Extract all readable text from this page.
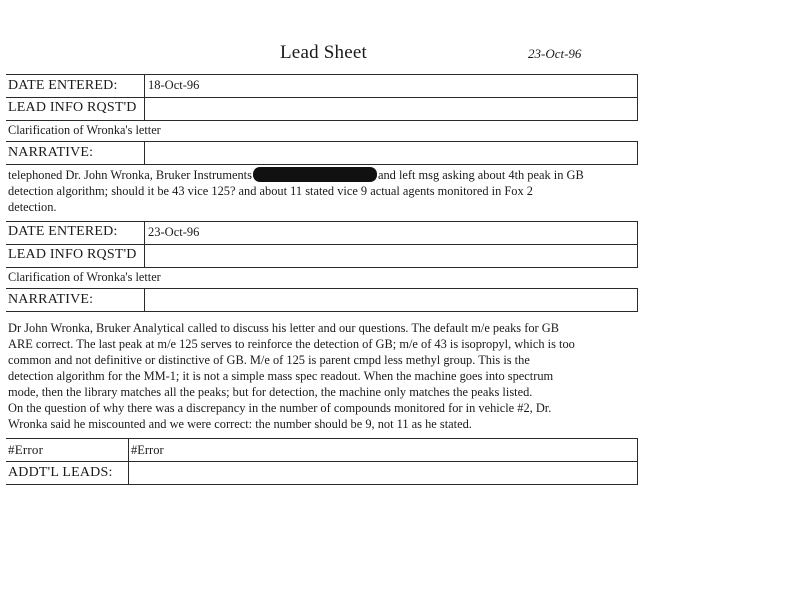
Lead Sheet	23-Oct-96
DATE ENTERED: 18-Oct-96
LEAD INFO RQST'D
Clarification of Wronka's letter
NARRATIVE:
telephoned Dr. John Wronka, Bruker Instruments	and left msg asking about 4th peak in GB
detection algorithm; should it be 43 vice 125? and about 11 stated vice 9 actual agents monitored in Fox 2
detection.
DATE ENTERED: 23-Oct-96
LEAD INFO RQST'D
Clarification of Wronka's letter
NARRATIVE:
Dr John Wronka, Bruker Analytical called to discuss his letter and our questions. The default m/e peaks for GB
ARE correct. The last peak at m/e 125 serves to reinforce the detection of GB; m/e of 43 is isopropyl, which is too
common and not definitive or distinctive of GB. M/e of 125 is parent cmpd less methyl group. This is the
detection algorithm for the MM-1; it is not a simple mass spec readout. When the machine goes into spectrum
mode, then the library matches all the peaks; but for detection, the machine only matches the peaks listed.
On the question of why there was a discrepancy in the number of compounds monitored for in vehicle #2, Dr.
Wronka said he miscounted and we were correct: the number should be 9, not 11 as he stated.
#Error	#Error
ADDT'L LEADS:
